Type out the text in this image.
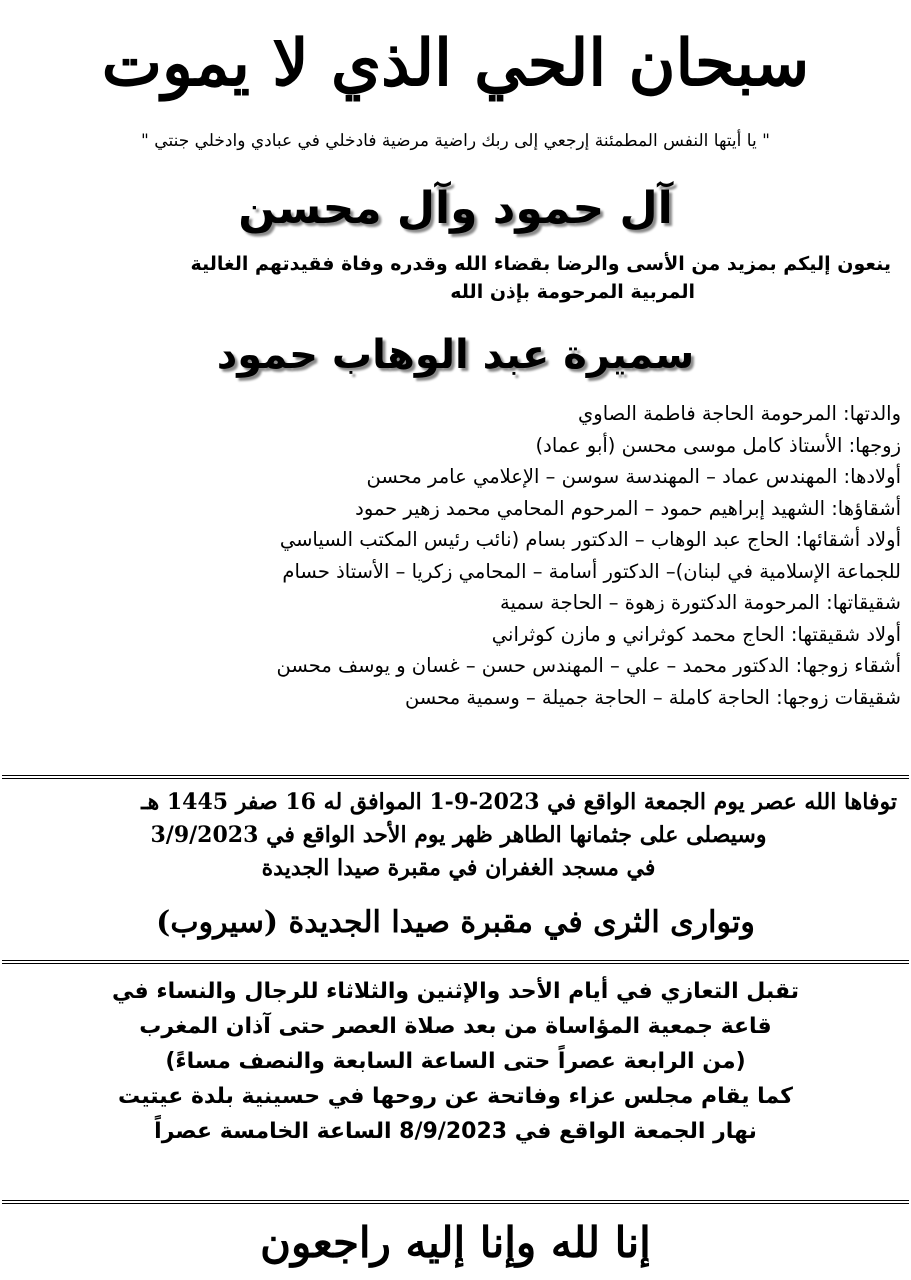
سبحان الحي الذي لا يموت
" يا أيتها النفس المطمئنة إرجعي إلى ربك راضية مرضية فادخلي في عبادي وادخلي جنتي "
آل حمود وآل محسن
ينعون إليكم بمزيد من الأسى والرضا بقضاء الله وقدره وفاة فقيدتهم الغالية
المربية المرحومة بإذن الله
سميرة عبد الوهاب حمود
والدتها: المرحومة الحاجة فاطمة الصاوي
زوجها: الأستاذ كامل موسى محسن (أبو عماد)
أولادها: المهندس عماد – المهندسة سوسن – الإعلامي عامر محسن
أشقاؤها: الشهيد إبراهيم حمود – المرحوم المحامي محمد زهير حمود
أولاد أشقائها: الحاج عبد الوهاب – الدكتور بسام (نائب رئيس المكتب السياسي
للجماعة الإسلامية في لبنان)– الدكتور أسامة – المحامي زكريا – الأستاذ حسام
شقيقاتها: المرحومة الدكتورة زهوة – الحاجة سمية
أولاد شقيقتها: الحاج محمد كوثراني و مازن كوثراني
أشقاء زوجها: الدكتور محمد – علي – المهندس حسن – غسان و يوسف محسن
شقيقات زوجها: الحاجة كاملة – الحاجة جميلة – وسمية محسن
توفاها الله عصر يوم الجمعة الواقع في 2023-9-1 الموافق له 16 صفر 1445 هـ
وسيصلى على جثمانها الطاهر ظهر يوم الأحد الواقع في 3/9/2023
في مسجد الغفران في مقبرة صيدا الجديدة
وتوارى الثرى في مقبرة صيدا الجديدة (سيروب)
تقبل التعازي في أيام الأحد والإثنين والثلاثاء للرجال والنساء في
قاعة جمعية المؤاساة من بعد صلاة العصر حتى آذان المغرب
(من الرابعة عصراً حتى الساعة السابعة والنصف مساءً)
كما يقام مجلس عزاء وفاتحة عن روحها في حسينية بلدة عيتيت
نهار الجمعة الواقع في 8/9/2023 الساعة الخامسة عصراً
إنا لله وإنا إليه راجعون
